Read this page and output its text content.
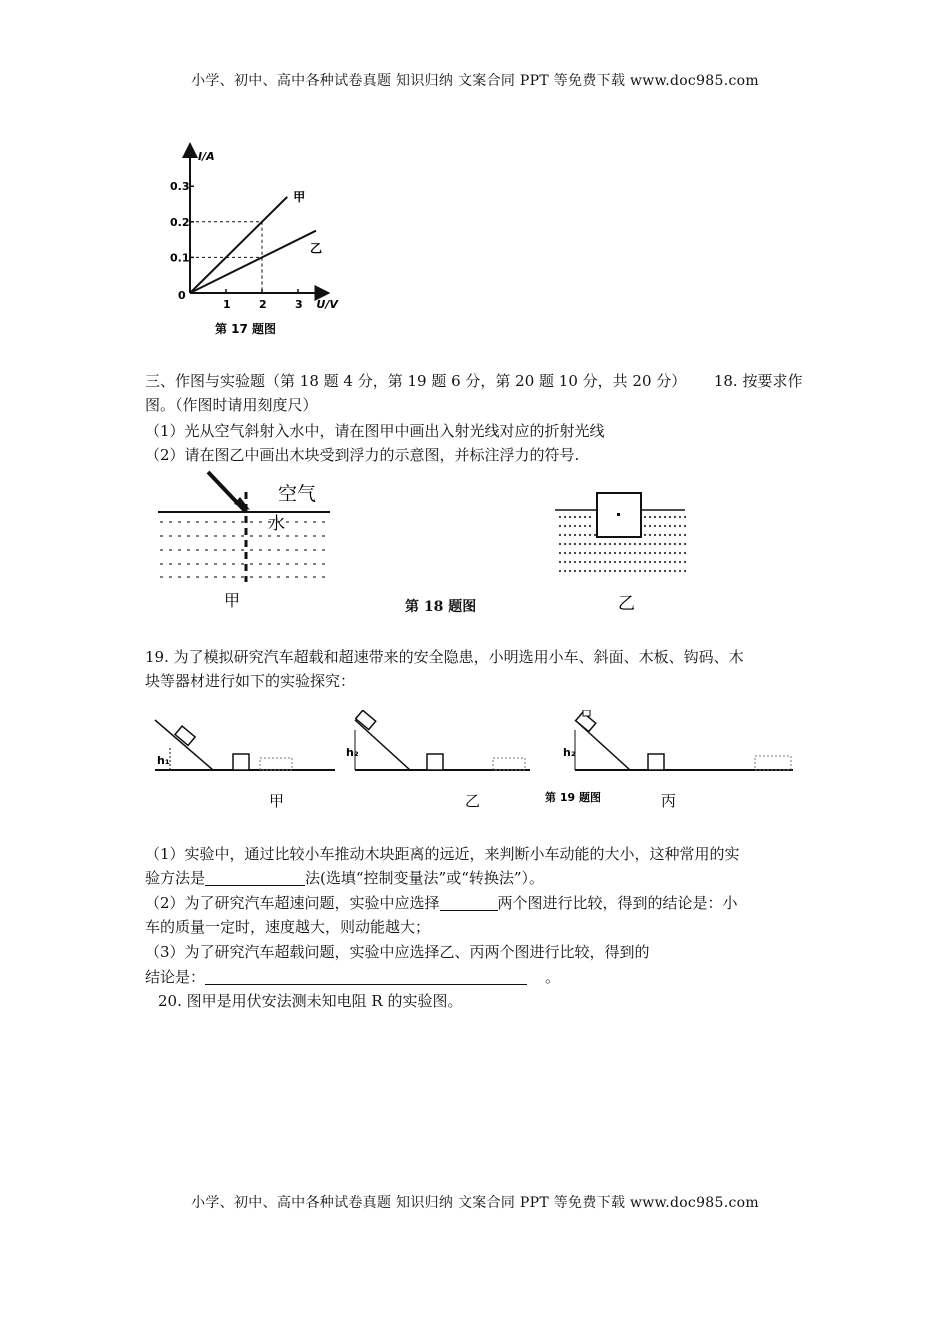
小学、初中、高中各种试卷真题 知识归纳 文案合同 PPT 等免费下载 www.doc985.com
1	2	3
0.1
0.2
0.3
0
I/A
U/V
甲
乙
第 17 题图
三、作图与实验题（第 18 题 4 分，第 19 题 6 分，第 20 题 10 分，共 20 分） 18. 按要求作
图。（作图时请用刻度尺）
（1）光从空气斜射入水中，请在图甲中画出入射光线对应的折射光线
（2）请在图乙中画出木块受到浮力的示意图，并标注浮力的符号.
空气
水
甲	第 18 题图	乙
19. 为了模拟研究汽车超载和超速带来的安全隐患，小明选用小车、斜面、木板、钩码、木
块等器材进行如下的实验探究：
h₁
h₂	h₂
甲	乙	第 19 题图	丙
（1）实验中，通过比较小车推动木块距离的远近，来判断小车动能的大小，这种常用的实
验方法是	法(选填“控制变量法”或“转换法”）。
（2）为了研究汽车超速问题，实验中应选择	两个图进行比较，得到的结论是：小
车的质量一定时，速度越大，则动能越大；
（3）为了研究汽车超载问题，实验中应选择乙、丙两个图进行比较，得到的
结论是：	。
20. 图甲是用伏安法测未知电阻 R 的实验图。
小学、初中、高中各种试卷真题 知识归纳 文案合同 PPT 等免费下载 www.doc985.com
